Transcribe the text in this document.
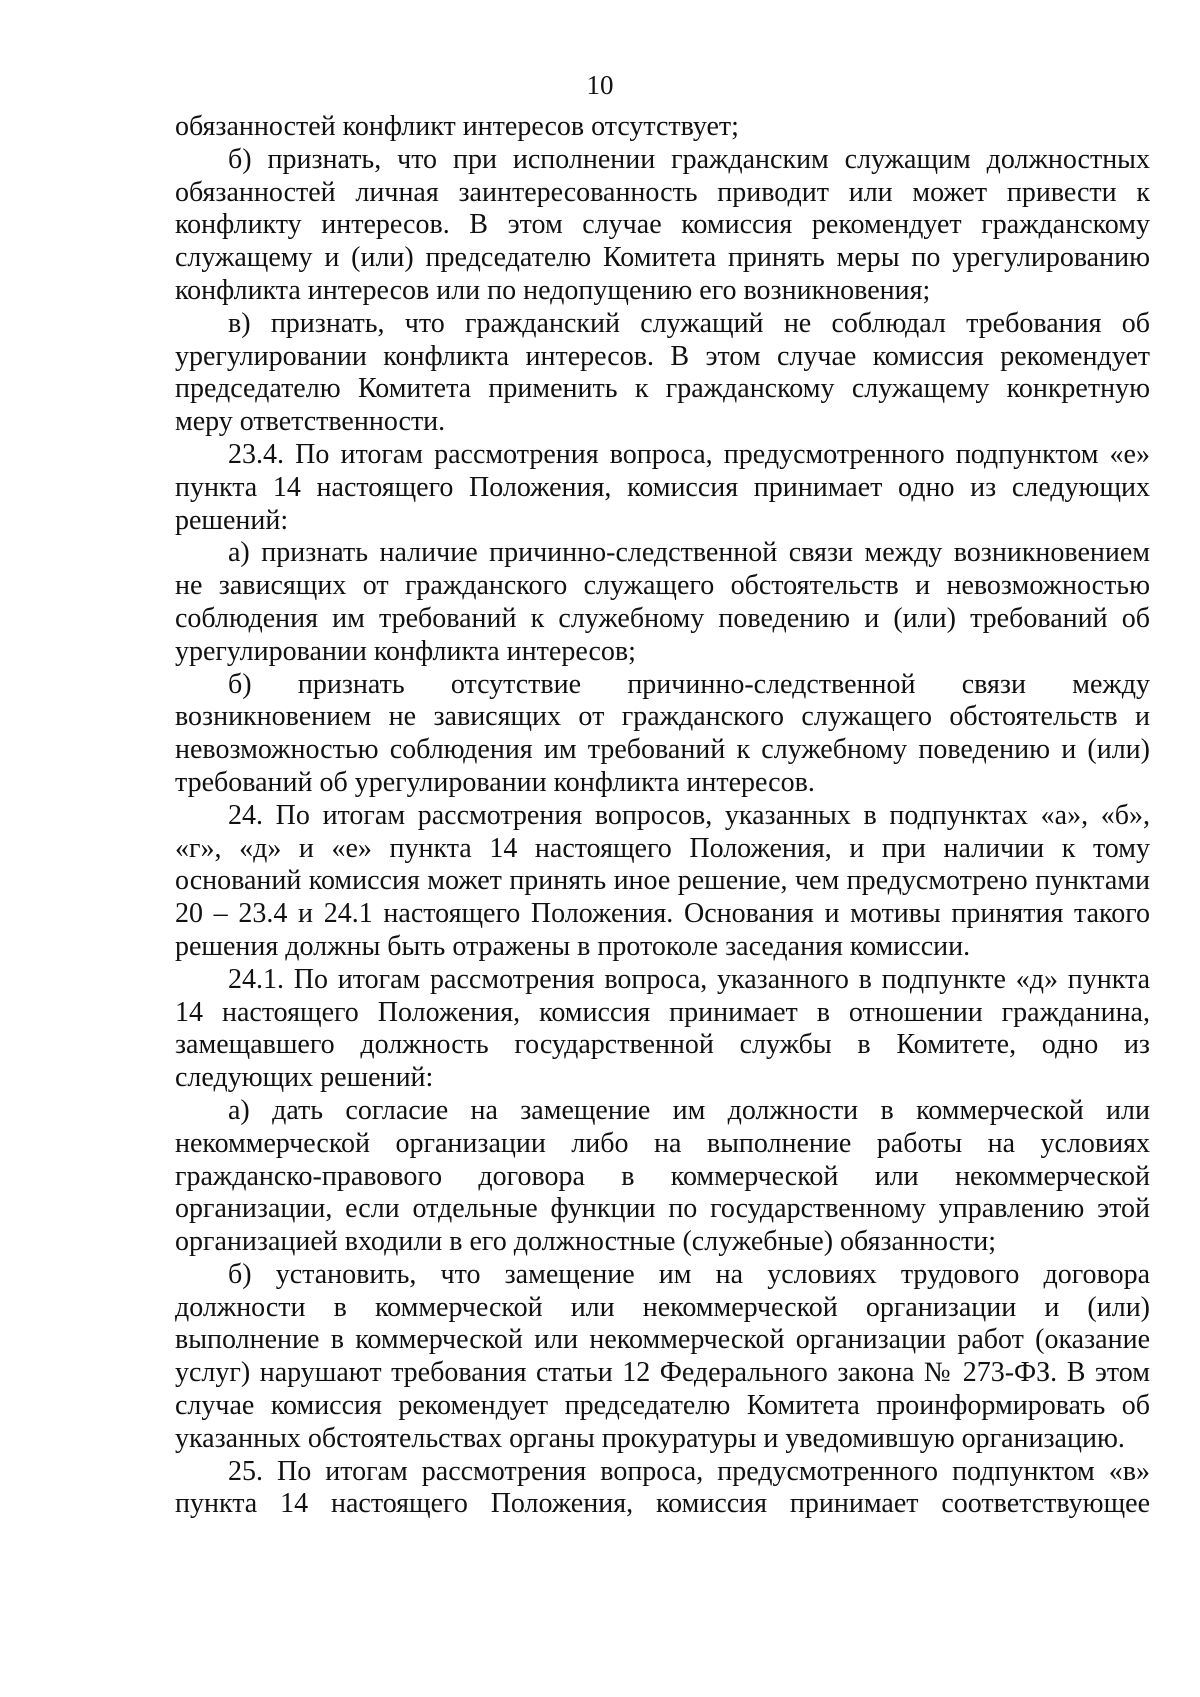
10

обязанностей конфликт интересов отсутствует;

б) признать, что при исполнении гражданским служащим должностных обязанностей личная заинтересованность приводит или может привести к конфликту интересов. В этом случае комиссия рекомендует гражданскому служащему и (или) председателю Комитета принять меры по урегулированию конфликта интересов или по недопущению его возникновения;

в) признать, что гражданский служащий не соблюдал требования об урегулировании конфликта интересов. В этом случае комиссия рекомендует председателю Комитета применить к гражданскому служащему конкретную меру ответственности.

23.4. По итогам рассмотрения вопроса, предусмотренного подпунктом «е» пункта 14 настоящего Положения, комиссия принимает одно из следующих решений:

а) признать наличие причинно-следственной связи между возникновением не зависящих от гражданского служащего обстоятельств и невозможностью соблюдения им требований к служебному поведению и (или) требований об урегулировании конфликта интересов;

б) признать отсутствие причинно-следственной связи между возникновением не зависящих от гражданского служащего обстоятельств и невозможностью соблюдения им требований к служебному поведению и (или) требований об урегулировании конфликта интересов.

24. По итогам рассмотрения вопросов, указанных в подпунктах «а», «б», «г», «д» и «е» пункта 14 настоящего Положения, и при наличии к тому оснований комиссия может принять иное решение, чем предусмотрено пунктами 20 – 23.4 и 24.1 настоящего Положения. Основания и мотивы принятия такого решения должны быть отражены в протоколе заседания комиссии.

24.1. По итогам рассмотрения вопроса, указанного в подпункте «д» пункта 14 настоящего Положения, комиссия принимает в отношении гражданина, замещавшего должность государственной службы в Комитете, одно из следующих решений:

а) дать согласие на замещение им должности в коммерческой или некоммерческой организации либо на выполнение работы на условиях гражданско-правового договора в коммерческой или некоммерческой организации, если отдельные функции по государственному управлению этой организацией входили в его должностные (служебные) обязанности;

б) установить, что замещение им на условиях трудового договора должности в коммерческой или некоммерческой организации и (или) выполнение в коммерческой или некоммерческой организации работ (оказание услуг) нарушают требования статьи 12 Федерального закона № 273-ФЗ. В этом случае комиссия рекомендует председателю Комитета проинформировать об указанных обстоятельствах органы прокуратуры и уведомившую организацию.

25. По итогам рассмотрения вопроса, предусмотренного подпунктом «в» пункта 14 настоящего Положения, комиссия принимает соответствующее
